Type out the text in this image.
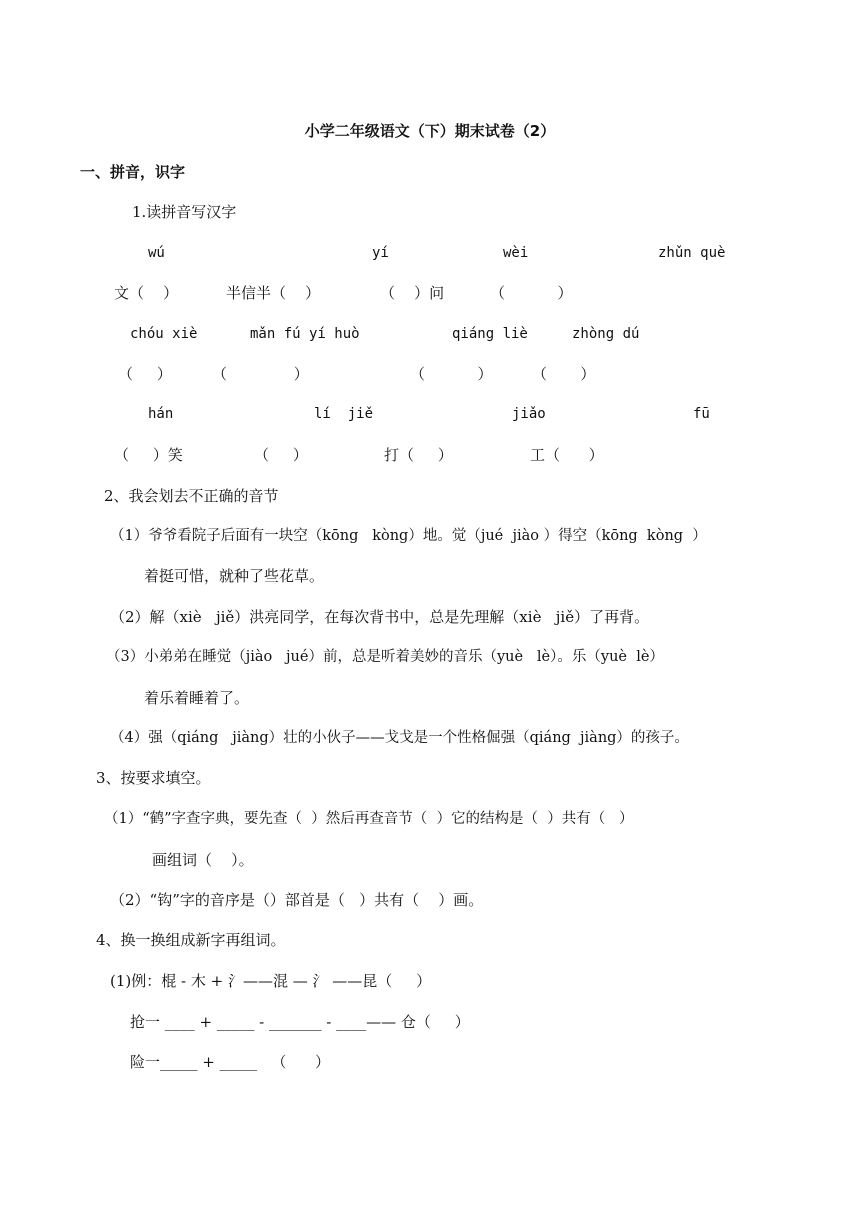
小学二年级语文（下）期末试卷（2）
一、拼音，识字
1.读拼音写汉字
wú	yí	wèi	zhǔn què
文（    ）	半信半（    ）	（    ）问	（           ）
chóu xiè	mǎn fú yí huò	qiáng liè	zhòng dú
（     ）	（              ）	（           ）	（       ）
hán	lí  jiě	jiǎo	fū
（     ）笑	（     ）	打（     ）	工（      ）
2、我会划去不正确的音节
（1）爷爷看院子后面有一块空（kōng   kòng）地。觉（jué  jiào ）得空（kōng  kòng  ）
着挺可惜，就种了些花草。
（2）解（xiè   jiě）洪亮同学，在每次背书中，总是先理解（xiè   jiě）了再背。
（3）小弟弟在睡觉（jiào   jué）前，总是听着美妙的音乐（yuè   lè）。乐（yuè  lè）
着乐着睡着了。
（4）强（qiáng   jiàng）壮的小伙子——戈戈是一个性格倔强（qiáng  jiàng）的孩子。
3、按要求填空。
（1）“鹤”字查字典，要先查（  ）然后再查音节（  ）它的结构是（  ）共有（   ）
画组词（    ）。
（2）“钩”字的音序是（）部首是（   ）共有（    ）画。
4、换一换组成新字再组词。
(1)例：棍 - 木 + 氵——混 — 氵 ——昆（     ）
抢一 ____ + _____ - _______ - ____—— 仓（     ）
险一_____ + _____   （      ）
